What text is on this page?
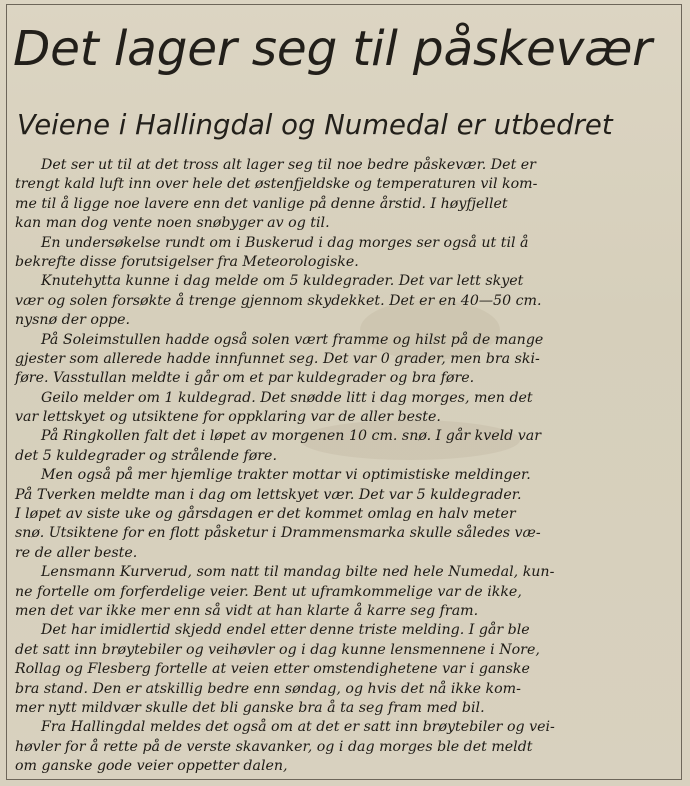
Det lager seg til påskevær
Veiene i Hallingdal og Numedal er utbedret
Det ser ut til at det tross alt lager seg til noe bedre påskevær. Det er
trengt kald luft inn over hele det østenfjeldske og temperaturen vil kom-
me til å ligge noe lavere enn det vanlige på denne årstid. I høyfjellet
kan man dog vente noen snøbyger av og til.
En undersøkelse rundt om i Buskerud i dag morges ser også ut til å
bekrefte disse forutsigelser fra Meteorologiske.
Knutehytta kunne i dag melde om 5 kuldegrader. Det var lett skyet
vær og solen forsøkte å trenge gjennom skydekket. Det er en 40—50 cm.
nysnø der oppe.
På Soleimstullen hadde også solen vært framme og hilst på de mange
gjester som allerede hadde innfunnet seg. Det var 0 grader, men bra ski-
føre. Vasstullan meldte i går om et par kuldegrader og bra føre.
Geilo melder om 1 kuldegrad. Det snødde litt i dag morges, men det
var lettskyet og utsiktene for oppklaring var de aller beste.
På Ringkollen falt det i løpet av morgenen 10 cm. snø. I går kveld var
det 5 kuldegrader og strålende føre.
Men også på mer hjemlige trakter mottar vi optimistiske meldinger.
På Tverken meldte man i dag om lettskyet vær. Det var 5 kuldegrader.
I løpet av siste uke og gårsdagen er det kommet omlag en halv meter
snø. Utsiktene for en flott påsketur i Drammensmarka skulle således væ-
re de aller beste.
Lensmann Kurverud, som natt til mandag bilte ned hele Numedal, kun-
ne fortelle om forferdelige veier. Bent ut uframkommelige var de ikke,
men det var ikke mer enn så vidt at han klarte å karre seg fram.
Det har imidlertid skjedd endel etter denne triste melding. I går ble
det satt inn brøytebiler og veihøvler og i dag kunne lensmennene i Nore,
Rollag og Flesberg fortelle at veien etter omstendighetene var i ganske
bra stand. Den er atskillig bedre enn søndag, og hvis det nå ikke kom-
mer nytt mildvær skulle det bli ganske bra å ta seg fram med bil.
Fra Hallingdal meldes det også om at det er satt inn brøytebiler og vei-
høvler for å rette på de verste skavanker, og i dag morges ble det meldt
om ganske gode veier oppetter dalen,
